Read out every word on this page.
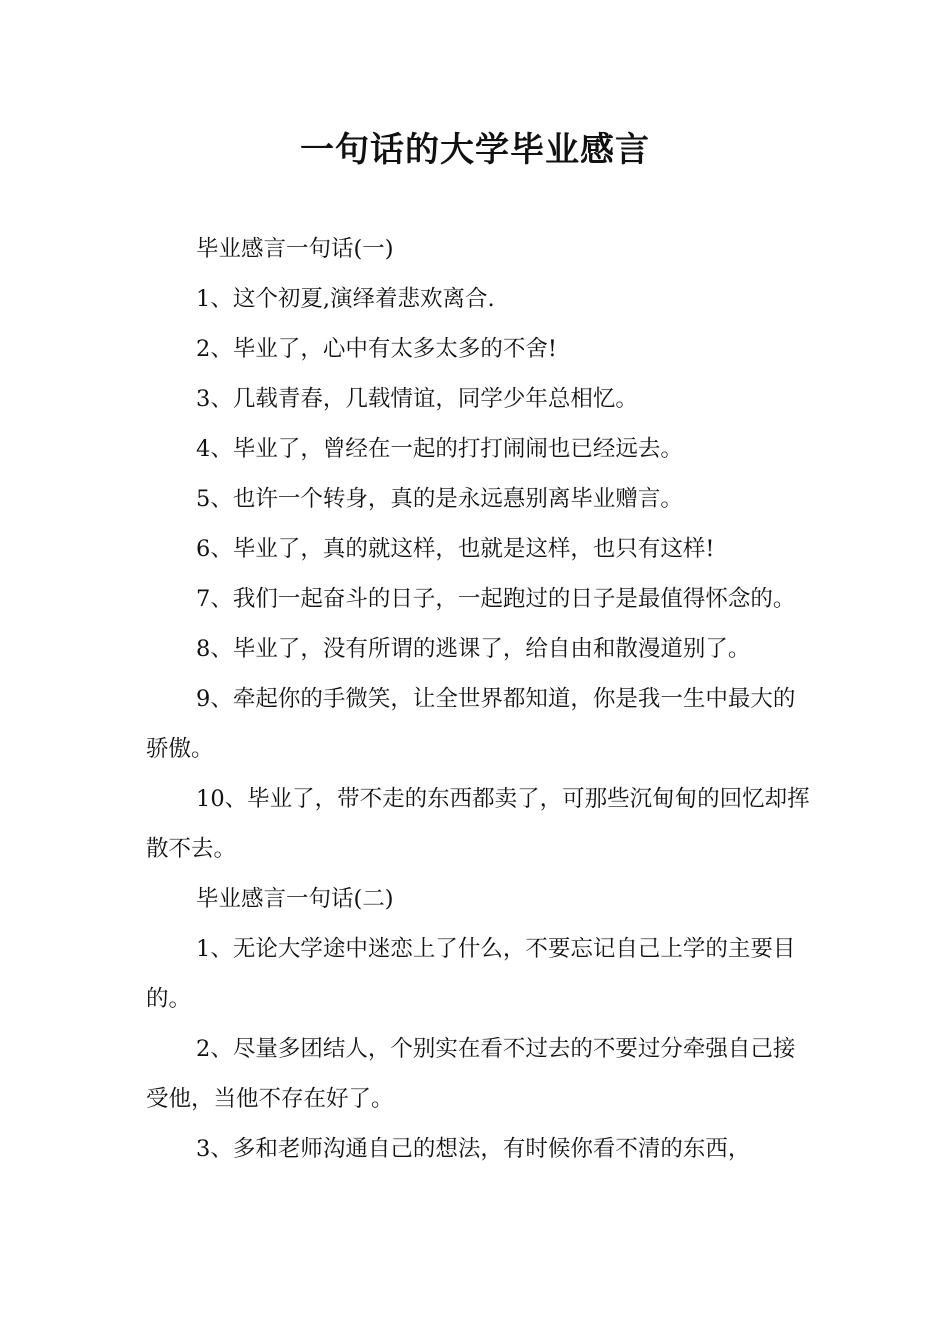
一句话的大学毕业感言

毕业感言一句话(一)

1、这个初夏,演绎着悲欢离合.

2、毕业了，心中有太多太多的不舍!

3、几载青春，几载情谊，同学少年总相忆。

4、毕业了，曾经在一起的打打闹闹也已经远去。

5、也许一个转身，真的是永远惪别离毕业赠言。

6、毕业了，真的就这样，也就是这样，也只有这样!

7、我们一起奋斗的日子，一起跑过的日子是最值得怀念的。

8、毕业了，没有所谓的逃课了，给自由和散漫道别了。

9、牵起你的手微笑，让全世界都知道，你是我一生中最大的骄傲。

10、毕业了，带不走的东西都卖了，可那些沉甸甸的回忆却挥散不去。

毕业感言一句话(二)

1、无论大学途中迷恋上了什么，不要忘记自己上学的主要目的。

2、尽量多团结人，个别实在看不过去的不要过分牵强自己接受他，当他不存在好了。

3、多和老师沟通自己的想法，有时候你看不清的东西，
